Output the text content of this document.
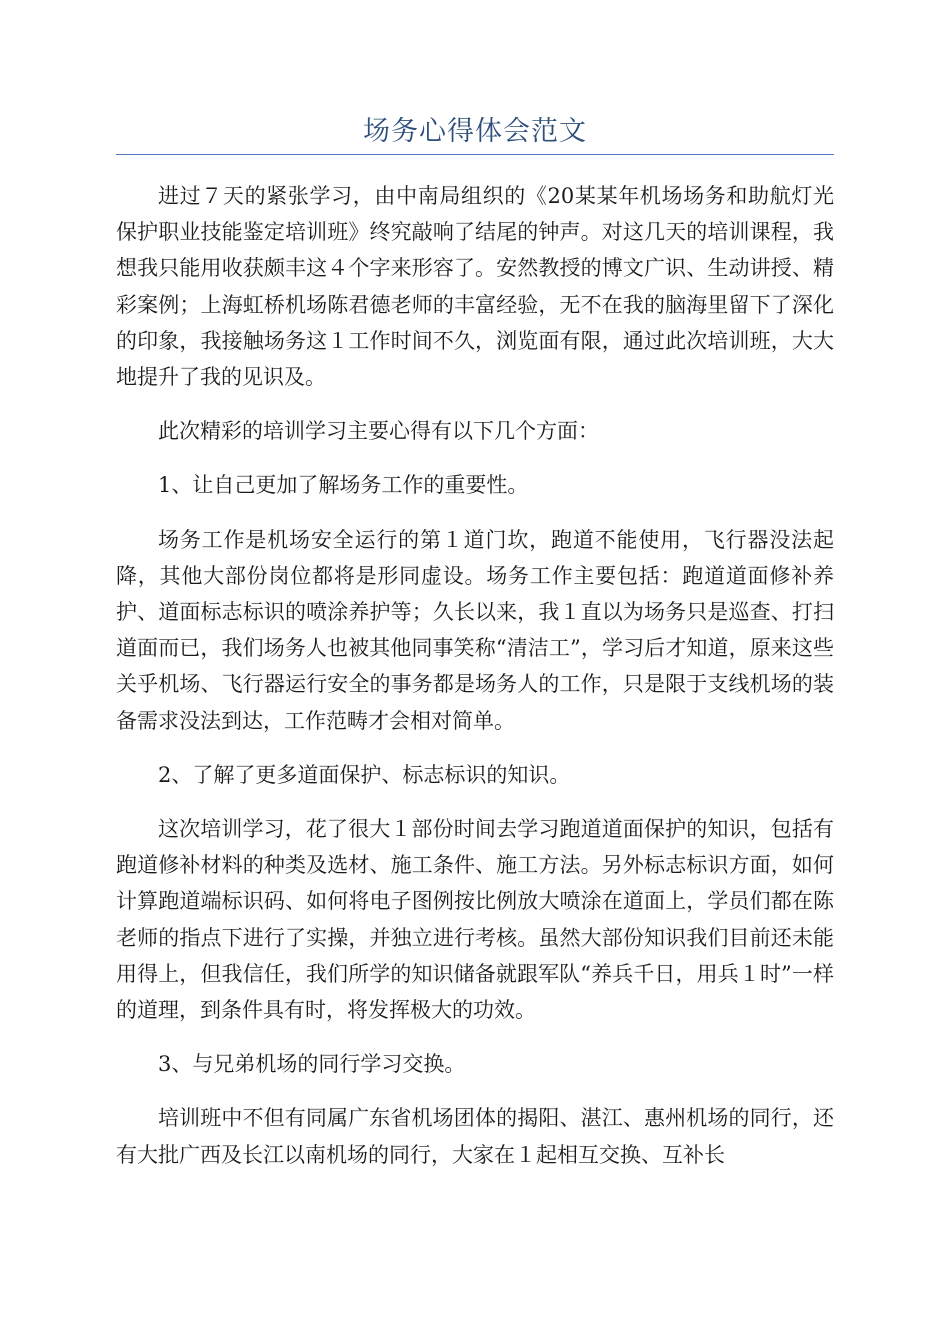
场务心得体会范文

进过７天的紧张学习，由中南局组织的《20某某年机场场务和助航灯光保护职业技能鉴定培训班》终究敲响了结尾的钟声。对这几天的培训课程，我想我只能用收获颇丰这４个字来形容了。安然教授的博文广识、生动讲授、精彩案例；上海虹桥机场陈君德老师的丰富经验，无不在我的脑海里留下了深化的印象，我接触场务这１工作时间不久，浏览面有限，通过此次培训班，大大地提升了我的见识及。

此次精彩的培训学习主要心得有以下几个方面：

1、让自己更加了解场务工作的重要性。

场务工作是机场安全运行的第１道门坎，跑道不能使用，飞行器没法起降，其他大部份岗位都将是形同虚设。场务工作主要包括：跑道道面修补养护、道面标志标识的喷涂养护等；久长以来，我１直以为场务只是巡查、打扫道面而已，我们场务人也被其他同事笑称“清洁工”，学习后才知道，原来这些关乎机场、飞行器运行安全的事务都是场务人的工作，只是限于支线机场的装备需求没法到达，工作范畴才会相对简单。

2、了解了更多道面保护、标志标识的知识。

这次培训学习，花了很大１部份时间去学习跑道道面保护的知识，包括有跑道修补材料的种类及选材、施工条件、施工方法。另外标志标识方面，如何计算跑道端标识码、如何将电子图例按比例放大喷涂在道面上，学员们都在陈老师的指点下进行了实操，并独立进行考核。虽然大部份知识我们目前还未能用得上，但我信任，我们所学的知识储备就跟军队“养兵千日，用兵１时”一样的道理，到条件具有时，将发挥极大的功效。

3、与兄弟机场的同行学习交换。

培训班中不但有同属广东省机场团体的揭阳、湛江、惠州机场的同行，还有大批广西及长江以南机场的同行，大家在１起相互交换、互补长
